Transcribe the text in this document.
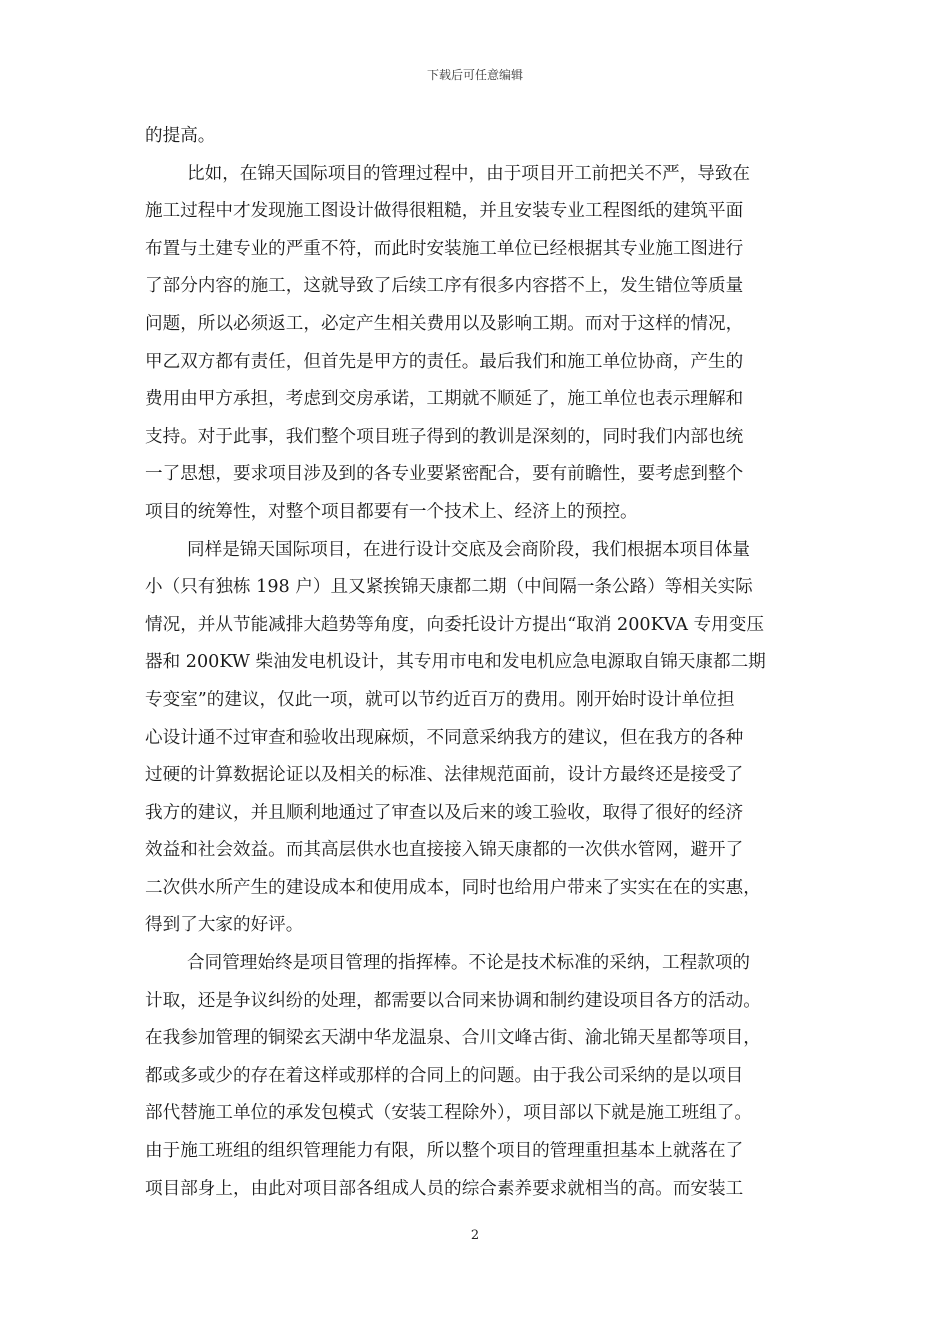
下载后可任意编辑
的提高。
比如，在锦天国际项目的管理过程中，由于项目开工前把关不严，导致在
施工过程中才发现施工图设计做得很粗糙，并且安装专业工程图纸的建筑平面
布置与土建专业的严重不符，而此时安装施工单位已经根据其专业施工图进行
了部分内容的施工，这就导致了后续工序有很多内容搭不上，发生错位等质量
问题，所以必须返工，必定产生相关费用以及影响工期。而对于这样的情况，
甲乙双方都有责任，但首先是甲方的责任。最后我们和施工单位协商，产生的
费用由甲方承担，考虑到交房承诺，工期就不顺延了，施工单位也表示理解和
支持。对于此事，我们整个项目班子得到的教训是深刻的，同时我们内部也统
一了思想，要求项目涉及到的各专业要紧密配合，要有前瞻性，要考虑到整个
项目的统筹性，对整个项目都要有一个技术上、经济上的预控。
同样是锦天国际项目，在进行设计交底及会商阶段，我们根据本项目体量
小（只有独栋 198 户）且又紧挨锦天康都二期（中间隔一条公路）等相关实际
情况，并从节能减排大趋势等角度，向委托设计方提出“取消 200KVA 专用变压
器和 200KW 柴油发电机设计，其专用市电和发电机应急电源取自锦天康都二期
专变室”的建议，仅此一项，就可以节约近百万的费用。刚开始时设计单位担
心设计通不过审查和验收出现麻烦，不同意采纳我方的建议，但在我方的各种
过硬的计算数据论证以及相关的标准、法律规范面前，设计方最终还是接受了
我方的建议，并且顺利地通过了审查以及后来的竣工验收，取得了很好的经济
效益和社会效益。而其高层供水也直接接入锦天康都的一次供水管网，避开了
二次供水所产生的建设成本和使用成本，同时也给用户带来了实实在在的实惠，
得到了大家的好评。
合同管理始终是项目管理的指挥棒。不论是技术标准的采纳，工程款项的
计取，还是争议纠纷的处理，都需要以合同来协调和制约建设项目各方的活动。
在我参加管理的铜梁玄天湖中华龙温泉、合川文峰古街、渝北锦天星都等项目，
都或多或少的存在着这样或那样的合同上的问题。由于我公司采纳的是以项目
部代替施工单位的承发包模式（安装工程除外），项目部以下就是施工班组了。
由于施工班组的组织管理能力有限，所以整个项目的管理重担基本上就落在了
项目部身上，由此对项目部各组成人员的综合素养要求就相当的高。而安装工
2
